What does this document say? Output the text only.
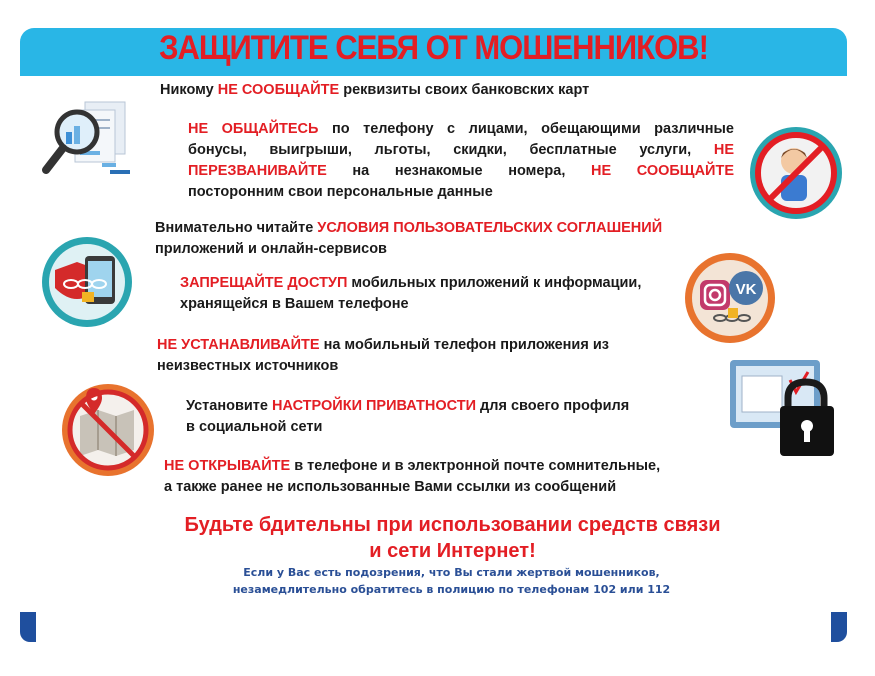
ЗАЩИТИТЕ СЕБЯ ОТ МОШЕННИКОВ!
Никому НЕ СООБЩАЙТЕ реквизиты своих банковских карт
НЕ ОБЩАЙТЕСЬ по телефону с лицами, обещающими различные
бонусы, выигрыши, льготы, скидки, бесплатные услуги, НЕ
ПЕРЕЗВАНИВАЙТЕ на незнакомые номера, НЕ СООБЩАЙТЕ
посторонним свои персональные данные
Внимательно читайте УСЛОВИЯ ПОЛЬЗОВАТЕЛЬСКИХ СОГЛАШЕНИЙ
приложений и онлайн-сервисов
ЗАПРЕЩАЙТЕ ДОСТУП мобильных приложений к информации,
хранящейся в Вашем телефоне
НЕ УСТАНАВЛИВАЙТЕ на мобильный телефон приложения из
неизвестных источников
Установите НАСТРОЙКИ ПРИВАТНОСТИ для своего профиля
в социальной сети
НЕ ОТКРЫВАЙТЕ в телефоне и в электронной почте сомнительные,
а также ранее не использованные Вами ссылки из сообщений
Будьте бдительны при использовании средств связи
и сети Интернет!
Если у Вас есть подозрения, что Вы стали жертвой мошенников,
незамедлительно обратитесь в полицию по телефонам 102 или 112
VK
